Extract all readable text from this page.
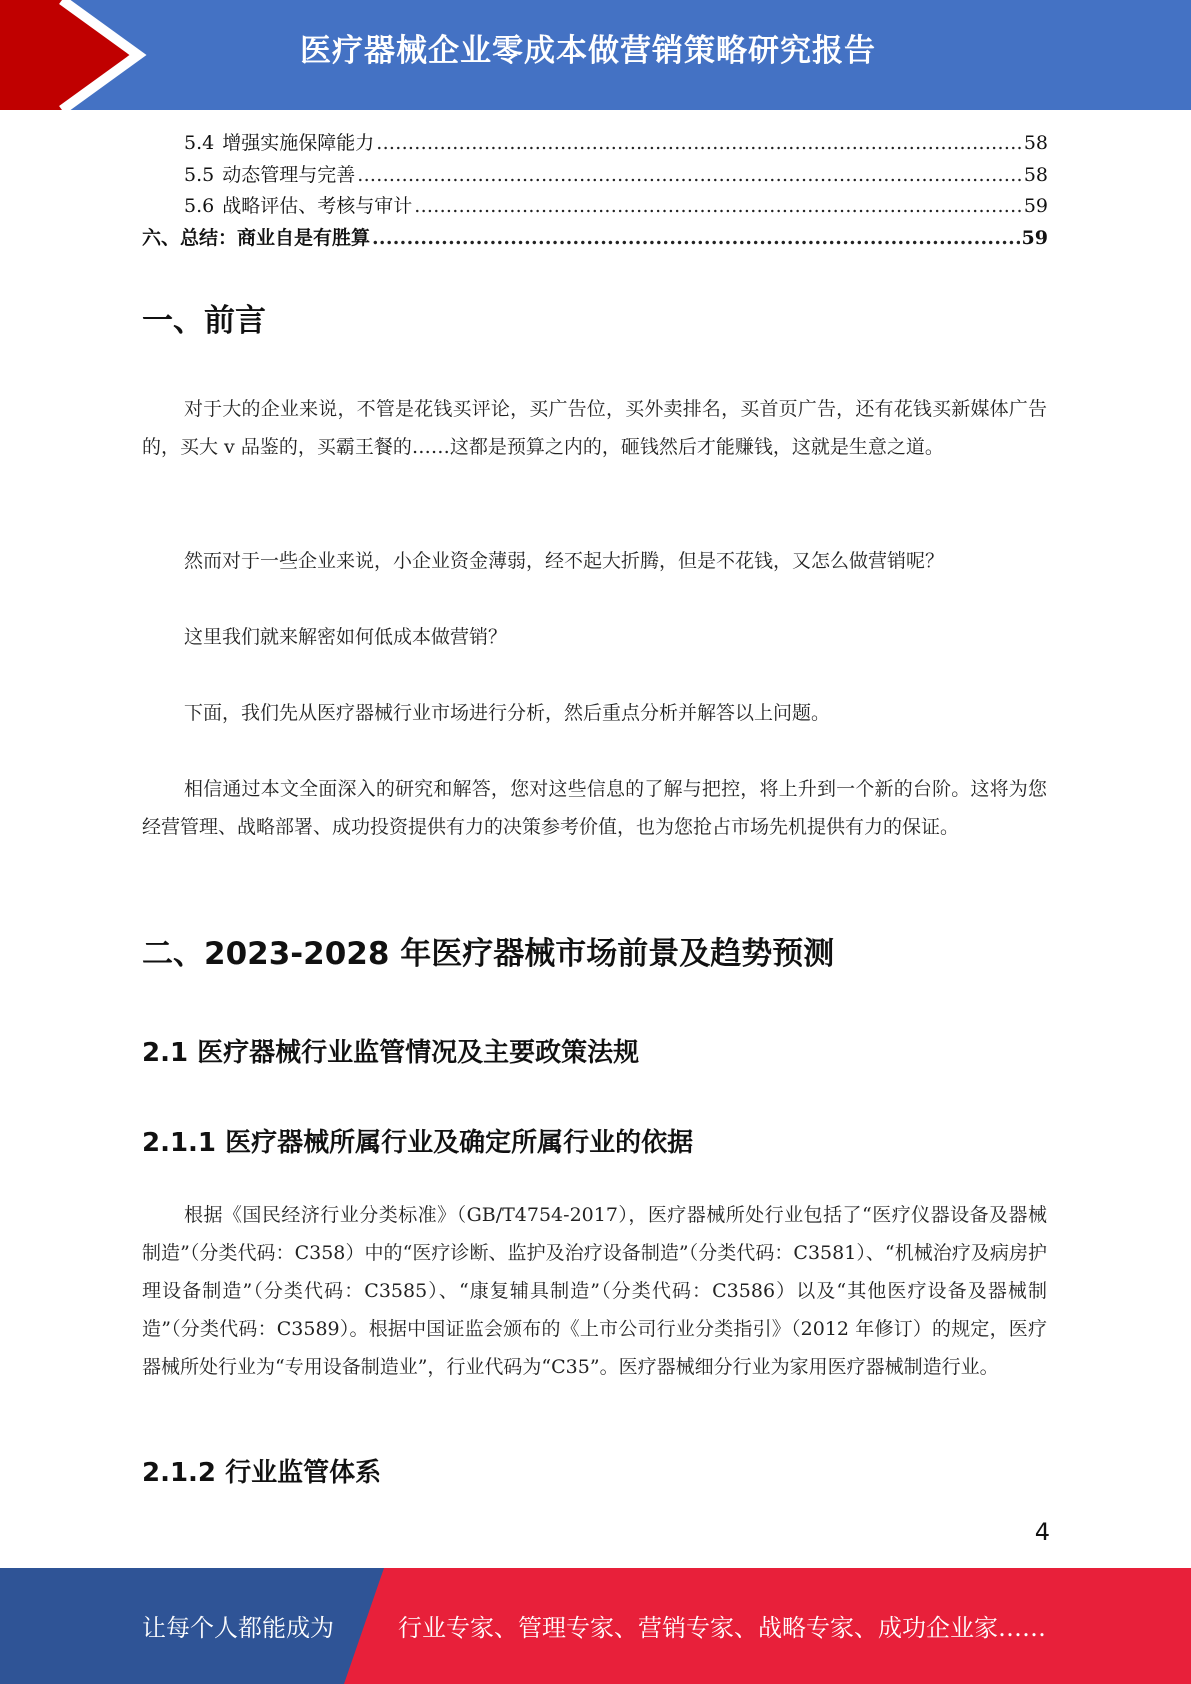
医疗器械企业零成本做营销策略研究报告
5.4 增强实施保障能力 .....	58
5.5 动态管理与完善 .....	58
5.6 战略评估、考核与审计 .....	59
六、总结：商业自是有胜算 .....	59
一、前言

对于大的企业来说，不管是花钱买评论，买广告位，买外卖排名，买首页广告，还有花钱买新媒体广告的，买大 v 品鉴的，买霸王餐的……这都是预算之内的，砸钱然后才能赚钱，这就是生意之道。

然而对于一些企业来说，小企业资金薄弱，经不起大折腾，但是不花钱，又怎么做营销呢？

这里我们就来解密如何低成本做营销？

下面，我们先从医疗器械行业市场进行分析，然后重点分析并解答以上问题。

相信通过本文全面深入的研究和解答，您对这些信息的了解与把控，将上升到一个新的台阶。这将为您经营管理、战略部署、成功投资提供有力的决策参考价值，也为您抢占市场先机提供有力的保证。

二、2023-2028 年医疗器械市场前景及趋势预测
2.1 医疗器械行业监管情况及主要政策法规
2.1.1 医疗器械所属行业及确定所属行业的依据

根据《国民经济行业分类标准》（GB/T4754-2017），医疗器械所处行业包括了“医疗仪器设备及器械制造”（分类代码：C358）中的“医疗诊断、监护及治疗设备制造”（分类代码：C3581）、“机械治疗及病房护理设备制造”（分类代码：C3585）、“康复辅具制造”（分类代码：C3586）以及“其他医疗设备及器械制造”（分类代码：C3589）。根据中国证监会颁布的《上市公司行业分类指引》（2012 年修订）的规定，医疗器械所处行业为“专用设备制造业”，行业代码为“C35”。医疗器械细分行业为家用医疗器械制造行业。

2.1.2 行业监管体系
4
让每个人都能成为	行业专家、管理专家、营销专家、战略专家、成功企业家……
